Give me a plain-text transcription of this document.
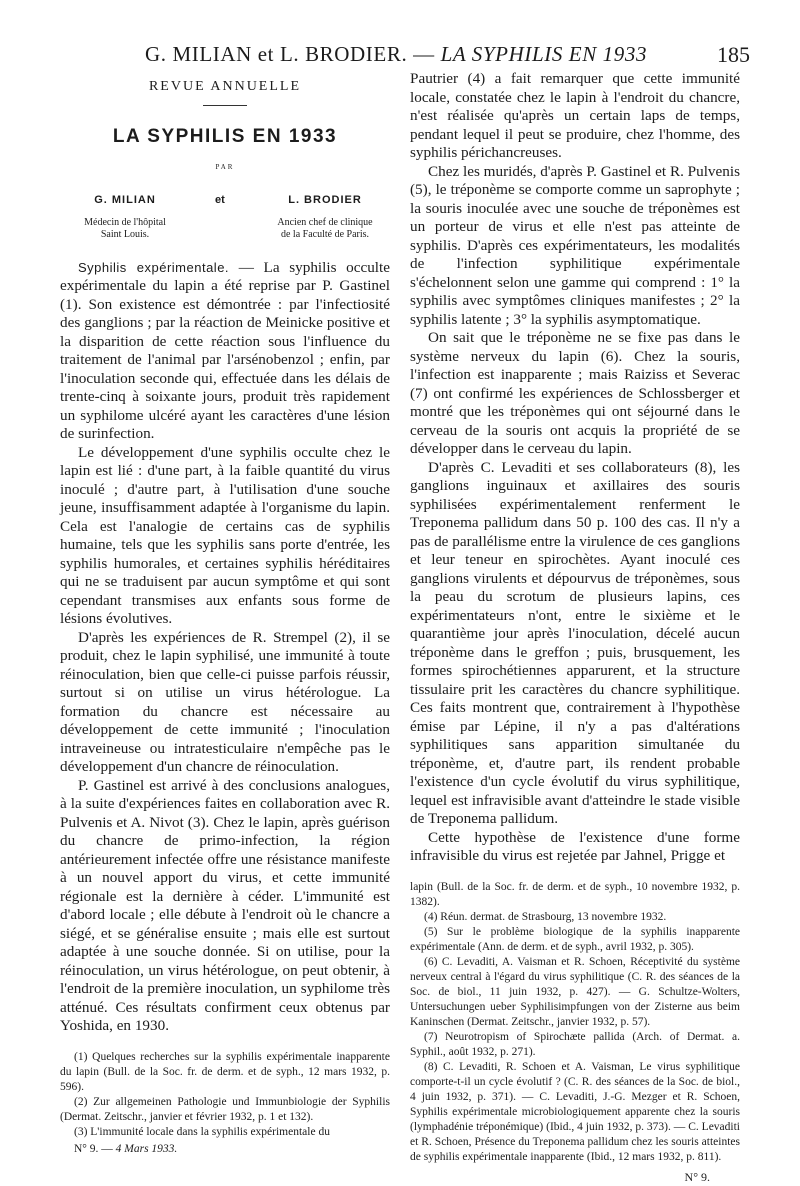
G. MILIAN et L. BRODIER. — LA SYPHILIS EN 1933	185
REVUE ANNUELLE
LA SYPHILIS EN 1933
PAR
G. MILIAN
Médecin de l'hôpital
Saint Louis.
et	L. BRODIER
Ancien chef de clinique
de la Faculté de Paris.

Syphilis expérimentale. — La syphilis occulte expérimentale du lapin a été reprise par P. Gastinel (1). Son existence est démontrée : par l'infectiosité des ganglions ; par la réaction de Meinicke positive et la disparition de cette réaction sous l'influence du traitement de l'animal par l'arsénobenzol ; enfin, par l'inoculation seconde qui, effectuée dans les délais de trente-cinq à soixante jours, produit très rapidement un syphilome ulcéré ayant les caractères d'une lésion de surinfection.

Le développement d'une syphilis occulte chez le lapin est lié : d'une part, à la faible quantité du virus inoculé ; d'autre part, à l'utilisation d'une souche jeune, insuffisamment adaptée à l'organisme du lapin. Cela est l'analogie de certains cas de syphilis humaine, tels que les syphilis sans porte d'entrée, les syphilis humorales, et certaines syphilis héréditaires qui ne se traduisent par aucun symptôme et qui sont cependant transmises aux enfants sous forme de lésions évolutives.

D'après les expériences de R. Strempel (2), il se produit, chez le lapin syphilisé, une immunité à toute réinoculation, bien que celle-ci puisse parfois réussir, surtout si on utilise un virus hétérologue. La formation du chancre est nécessaire au développement de cette immunité ; l'inoculation intraveineuse ou intratesticulaire n'empêche pas le développement d'un chancre de réinoculation.

P. Gastinel est arrivé à des conclusions analogues, à la suite d'expériences faites en collaboration avec R. Pulvenis et A. Nivot (3). Chez le lapin, après guérison du chancre de primo-infection, la région antérieurement infectée offre une résistance manifeste à un nouvel apport du virus, et cette immunité régionale est la dernière à céder. L'immunité est d'abord locale ; elle débute à l'endroit où le chancre a siégé, et se généralise ensuite ; mais elle est surtout adaptée à une souche donnée. Si on utilise, pour la réinoculation, un virus hétérologue, on peut obtenir, à l'endroit de la première inoculation, un syphilome très atténué. Ces résultats confirment ceux obtenus par Yoshida, en 1930.

(1) Quelques recherches sur la syphilis expérimentale inapparente du lapin (Bull. de la Soc. fr. de derm. et de syph., 12 mars 1932, p. 596).

(2) Zur allgemeinen Pathologie und Immunbiologie der Syphilis (Dermat. Zeitschr., janvier et février 1932, p. 1 et 132).

(3) L'immunité locale dans la syphilis expérimentale du

N° 9. — 4 Mars 1933.

Pautrier (4) a fait remarquer que cette immunité locale, constatée chez le lapin à l'endroit du chancre, n'est réalisée qu'après un certain laps de temps, pendant lequel il peut se produire, chez l'homme, des syphilis périchancreuses.

Chez les muridés, d'après P. Gastinel et R. Pulvenis (5), le tréponème se comporte comme un saprophyte ; la souris inoculée avec une souche de tréponèmes est un porteur de virus et elle n'est pas atteinte de syphilis. D'après ces expérimentateurs, les modalités de l'infection syphilitique expérimentale s'échelonnent selon une gamme qui comprend : 1° la syphilis avec symptômes cliniques manifestes ; 2° la syphilis latente ; 3° la syphilis asymptomatique.

On sait que le tréponème ne se fixe pas dans le système nerveux du lapin (6). Chez la souris, l'infection est inapparente ; mais Raiziss et Severac (7) ont confirmé les expériences de Schlossberger et montré que les tréponèmes qui ont séjourné dans le cerveau de la souris ont acquis la propriété de se développer dans le cerveau du lapin.

D'après C. Levaditi et ses collaborateurs (8), les ganglions inguinaux et axillaires des souris syphilisées expérimentalement renferment le Treponema pallidum dans 50 p. 100 des cas. Il n'y a pas de parallélisme entre la virulence de ces ganglions et leur teneur en spirochètes. Ayant inoculé ces ganglions virulents et dépourvus de tréponèmes, sous la peau du scrotum de plusieurs lapins, ces expérimentateurs n'ont, entre le sixième et le quarantième jour après l'inoculation, décelé aucun tréponème dans le greffon ; puis, brusquement, les formes spirochétiennes apparurent, et la structure tissulaire prit les caractères du chancre syphilitique. Ces faits montrent que, contrairement à l'hypothèse émise par Lépine, il n'y a pas d'altérations syphilitiques sans apparition simultanée du tréponème, et, d'autre part, ils rendent probable l'existence d'un cycle évolutif du virus syphilitique, lequel est infravisible avant d'atteindre le stade visible de Treponema pallidum.

Cette hypothèse de l'existence d'une forme infravisible du virus est rejetée par Jahnel, Prigge et

lapin (Bull. de la Soc. fr. de derm. et de syph., 10 novembre 1932, p. 1382).

(4) Réun. dermat. de Strasbourg, 13 novembre 1932.

(5) Sur le problème biologique de la syphilis inapparente expérimentale (Ann. de derm. et de syph., avril 1932, p. 305).

(6) C. Levaditi, A. Vaisman et R. Schoen, Réceptivité du système nerveux central à l'égard du virus syphilitique (C. R. des séances de la Soc. de biol., 11 juin 1932, p. 427). — G. Schultze-Wolters, Untersuchungen ueber Syphilisimpfungen von der Zisterne aus beim Kaninschen (Dermat. Zeitschr., janvier 1932, p. 57).

(7) Neurotropism of Spirochæte pallida (Arch. of Dermat. a. Syphil., août 1932, p. 271).

(8) C. Levaditi, R. Schoen et A. Vaisman, Le virus syphilitique comporte-t-il un cycle évolutif ? (C. R. des séances de la Soc. de biol., 4 juin 1932, p. 371). — C. Levaditi, J.-G. Mezger et R. Schoen, Syphilis expérimentale microbiologiquement apparente chez la souris (lymphadénie tréponémique) (Ibid., 4 juin 1932, p. 373). — C. Levaditi et R. Schoen, Présence du Treponema pallidum chez les souris atteintes de syphilis expérimentale inapparente (Ibid., 12 mars 1932, p. 811).

N° 9.
